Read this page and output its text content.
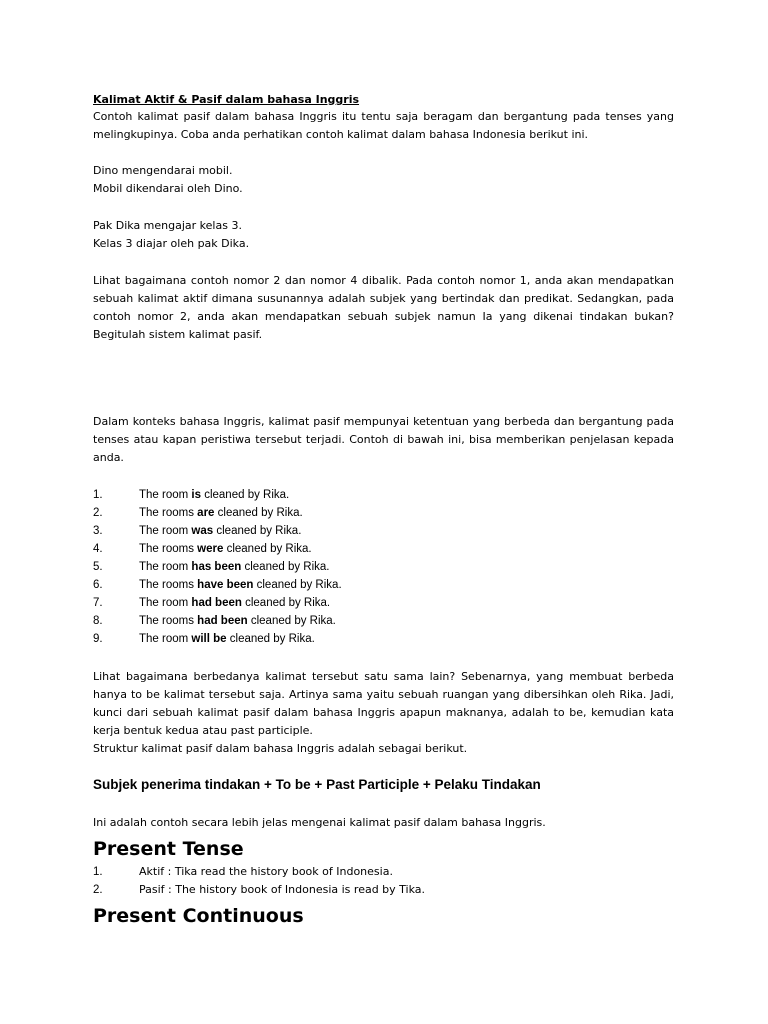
Kalimat Aktif & Pasif dalam bahasa Inggris

Contoh kalimat pasif dalam bahasa Inggris itu tentu saja beragam dan bergantung pada tenses yang melingkupinya. Coba anda perhatikan contoh kalimat dalam bahasa Indonesia berikut ini.

Dino mengendarai mobil.
Mobil dikendarai oleh Dino.
Pak Dika mengajar kelas 3.
Kelas 3 diajar oleh pak Dika.

Lihat bagaimana contoh nomor 2 dan nomor 4 dibalik. Pada contoh nomor 1, anda akan mendapatkan sebuah kalimat aktif dimana susunannya adalah subjek yang bertindak dan predikat. Sedangkan, pada contoh nomor 2, anda akan mendapatkan sebuah subjek namun Ia yang dikenai tindakan bukan? Begitulah sistem kalimat pasif.

Dalam konteks bahasa Inggris, kalimat pasif mempunyai ketentuan yang berbeda dan bergantung pada tenses atau kapan peristiwa tersebut terjadi. Contoh di bawah ini, bisa memberikan penjelasan kepada anda.

1.	The room is cleaned by Rika.
2.	The rooms are cleaned by Rika.
3.	The room was cleaned by Rika.
4.	The rooms were cleaned by Rika.
5.	The room has been cleaned by Rika.
6.	The rooms have been cleaned by Rika.
7.	The room had been cleaned by Rika.
8.	The rooms had been cleaned by Rika.
9.	The room will be cleaned by Rika.

Lihat bagaimana berbedanya kalimat tersebut satu sama lain? Sebenarnya, yang membuat berbeda hanya to be kalimat tersebut saja. Artinya sama yaitu sebuah ruangan yang dibersihkan oleh Rika. Jadi, kunci dari sebuah kalimat pasif dalam bahasa Inggris apapun maknanya, adalah to be, kemudian kata kerja bentuk kedua atau past participle.
Struktur kalimat pasif dalam bahasa Inggris adalah sebagai berikut.

Subjek penerima tindakan + To be + Past Participle + Pelaku Tindakan
Ini adalah contoh secara lebih jelas mengenai kalimat pasif dalam bahasa Inggris.
Present Tense
1.	Aktif : Tika read the history book of Indonesia.
2.	Pasif : The history book of Indonesia is read by Tika.
Present Continuous
